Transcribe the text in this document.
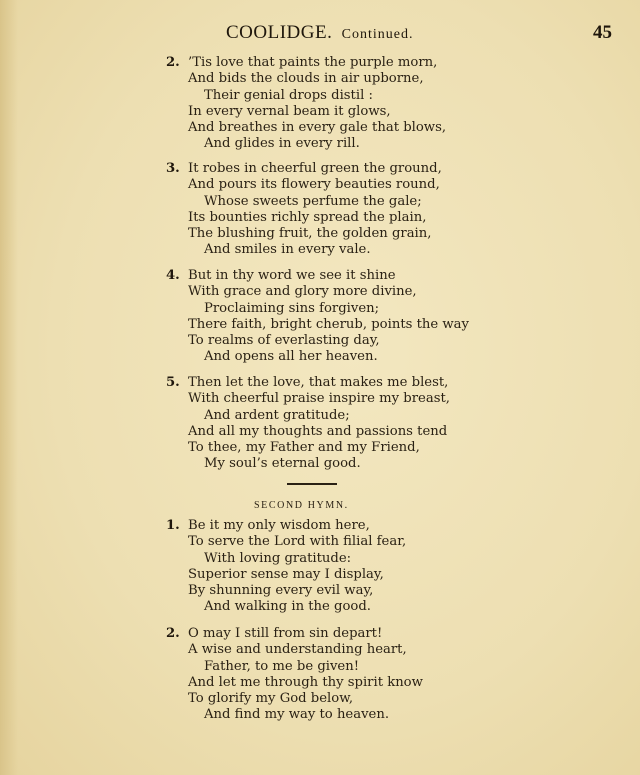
COOLIDGE. Continued.	45
2. ’Tis love that paints the purple morn,
And bids the clouds in air upborne,
Their genial drops distil :
In every vernal beam it glows,
And breathes in every gale that blows,
And glides in every rill.
3. It robes in cheerful green the ground,
And pours its flowery beauties round,
Whose sweets perfume the gale;
Its bounties richly spread the plain,
The blushing fruit, the golden grain,
And smiles in every vale.
4. But in thy word we see it shine
With grace and glory more divine,
Proclaiming sins forgiven;
There faith, bright cherub, points the way
To realms of everlasting day,
And opens all her heaven.
5. Then let the love, that makes me blest,
With cheerful praise inspire my breast,
And ardent gratitude;
And all my thoughts and passions tend
To thee, my Father and my Friend,
My soul’s eternal good.
SECOND HYMN.
1. Be it my only wisdom here,
To serve the Lord with filial fear,
With loving gratitude:
Superior sense may I display,
By shunning every evil way,
And walking in the good.
2. O may I still from sin depart!
A wise and understanding heart,
Father, to me be given!
And let me through thy spirit know
To glorify my God below,
And find my way to heaven.
